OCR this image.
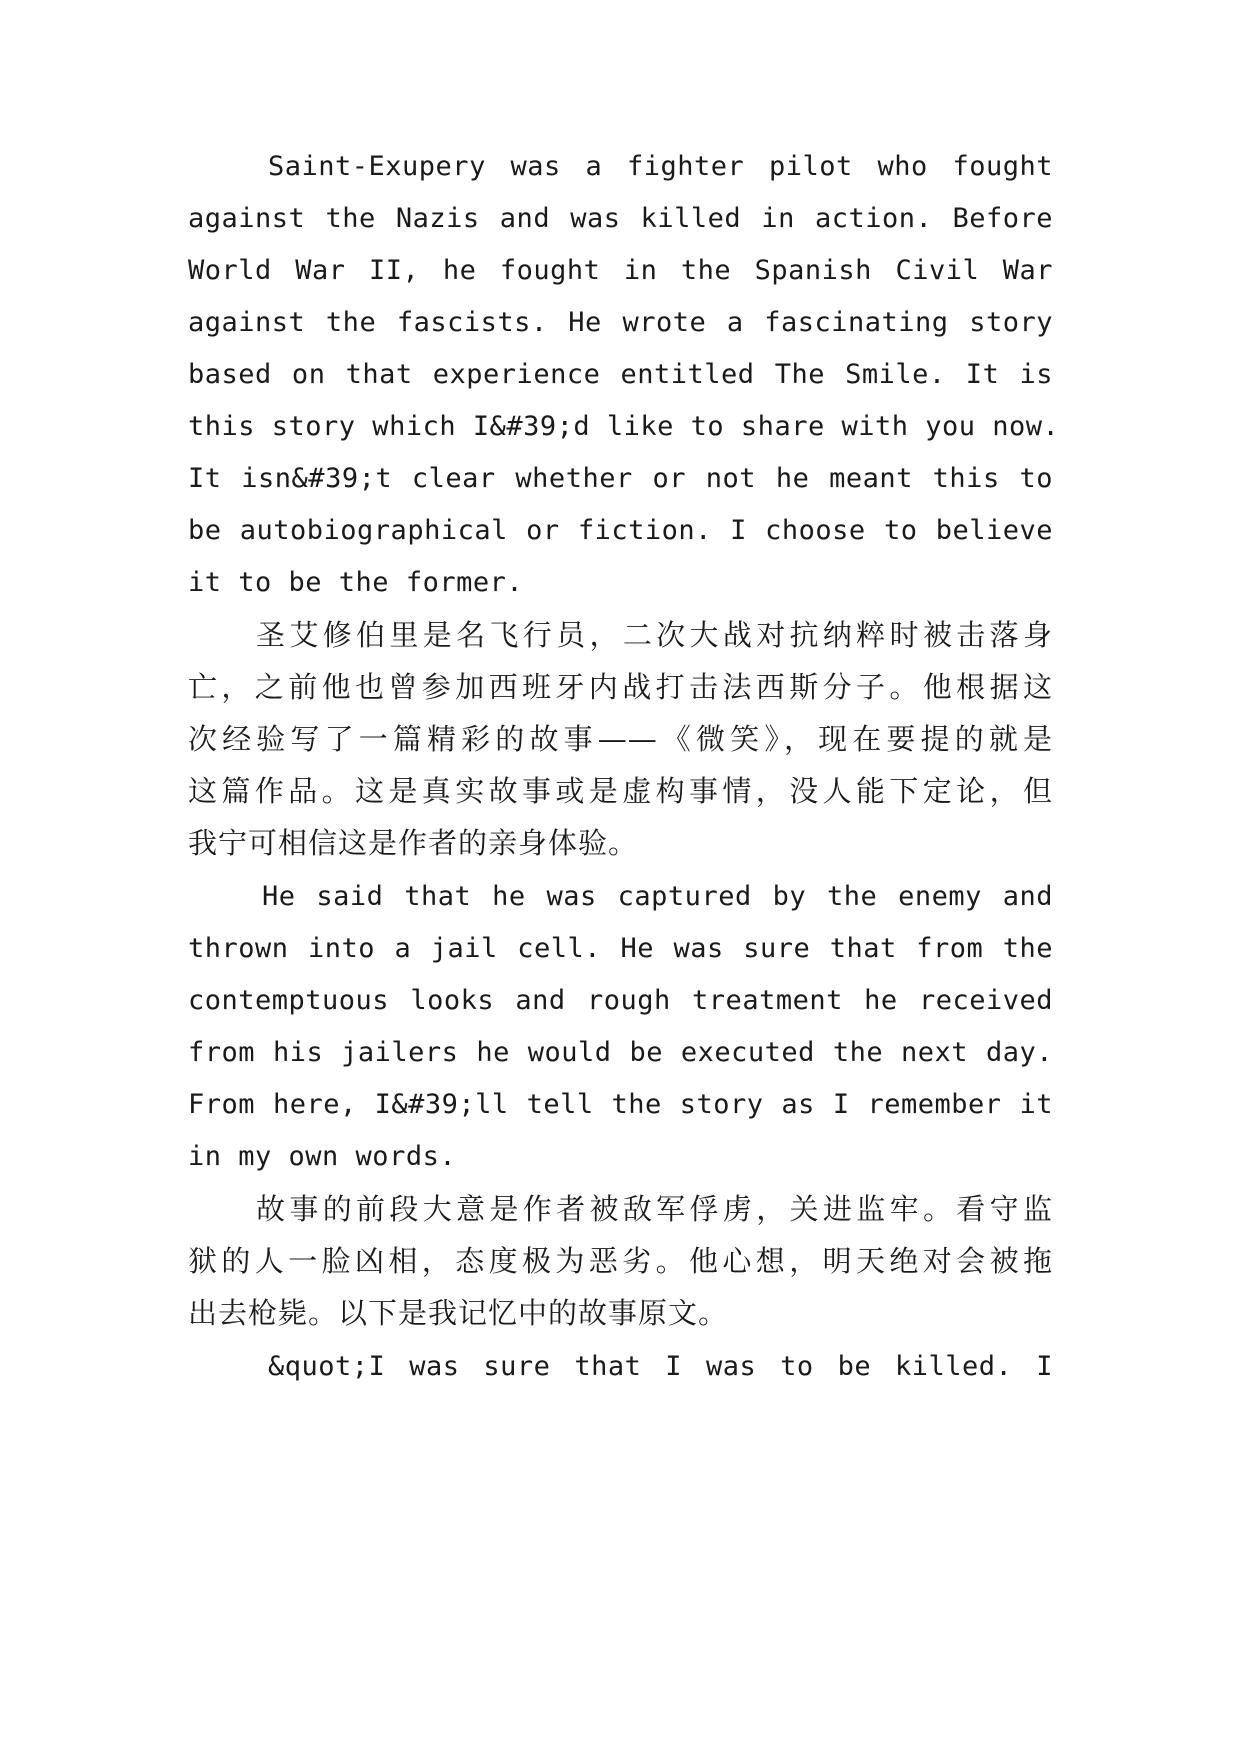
Saint-Exupery was a fighter pilot who fought

against the Nazis and was killed in action. Before

World War II, he fought in the Spanish Civil War

against the fascists. He wrote a fascinating story

based on that experience entitled The Smile. It is

this story which I&#39;d like to share with you now.

It isn&#39;t clear whether or not he meant this to

be autobiographical or fiction. I choose to believe

it to be the former.

圣艾修伯里是名飞行员，二次大战对抗纳粹时被击落身

亡，之前他也曾参加西班牙内战打击法西斯分子。他根据这

次经验写了一篇精彩的故事——《微笑》，现在要提的就是

这篇作品。这是真实故事或是虚构事情，没人能下定论，但

我宁可相信这是作者的亲身体验。

He said that he was captured by the enemy and

thrown into a jail cell. He was sure that from the

contemptuous looks and rough treatment he received

from his jailers he would be executed the next day.

From here, I&#39;ll tell the story as I remember it

in my own words.

故事的前段大意是作者被敌军俘虏，关进监牢。看守监

狱的人一脸凶相，态度极为恶劣。他心想，明天绝对会被拖

出去枪毙。以下是我记忆中的故事原文。

&quot;I was sure that I was to be killed. I
